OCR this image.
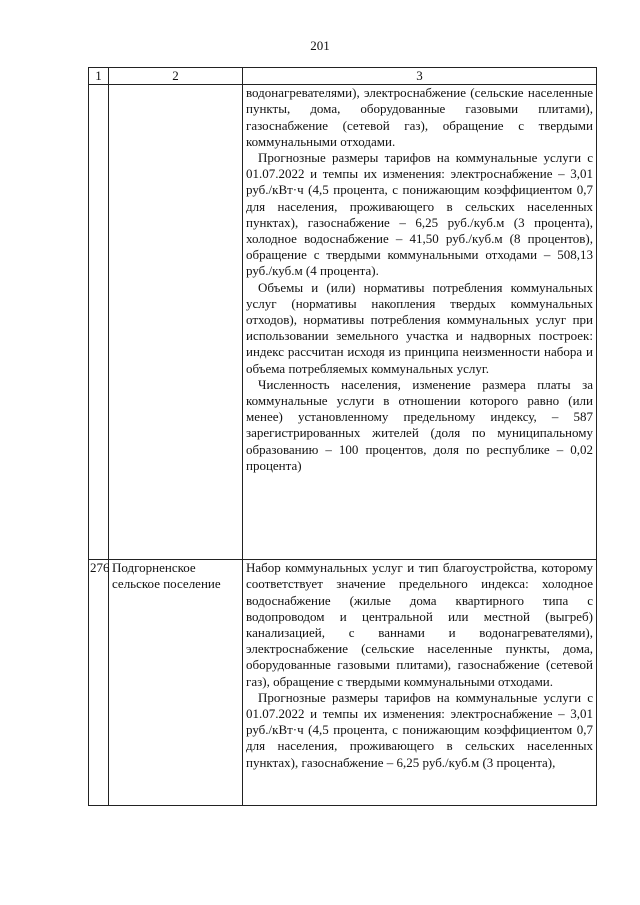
201
1	2	3

		водонагревателями), электроснабжение (сельские населенные пункты, дома, оборудованные газовыми плитами), газоснабжение (сетевой газ), обращение с твердыми коммунальными отходами.
Прогнозные размеры тарифов на коммунальные услуги с 01.07.2022 и темпы их изменения: электроснабжение – 3,01 руб./кВт·ч (4,5 процента, с понижающим коэффициентом 0,7 для населения, проживающего в сельских населенных пунктах), газоснабжение – 6,25 руб./куб.м (3 процента), холодное водоснабжение – 41,50 руб./куб.м (8 процентов), обращение с твердыми коммунальными отходами – 508,13 руб./куб.м (4 процента).
Объемы и (или) нормативы потребления коммунальных услуг (нормативы накопления твердых коммунальных отходов), нормативы потребления коммунальных услуг при использовании земельного участка и надворных построек: индекс рассчитан исходя из принципа неизменности набора и объема потребляемых коммунальных услуг.
Численность населения, изменение размера платы за коммунальные услуги в отношении которого равно (или менее) установленному предельному индексу, – 587 зарегистрированных жителей (доля по муниципальному образованию – 100 процентов, доля по республике – 0,02 процента)

276	Подгорненское сельское поселение	Набор коммунальных услуг и тип благоустройства, которому соответствует значение предельного индекса: холодное водоснабжение (жилые дома квартирного типа с водопроводом и центральной или местной (выгреб) канализацией, с ваннами и водонагревателями), электроснабжение (сельские населенные пункты, дома, оборудованные газовыми плитами), газоснабжение (сетевой газ), обращение с твердыми коммунальными отходами.
Прогнозные размеры тарифов на коммунальные услуги с 01.07.2022 и темпы их изменения: электроснабжение – 3,01 руб./кВт·ч (4,5 процента, с понижающим коэффициентом 0,7 для населения, проживающего в сельских населенных пунктах), газоснабжение – 6,25 руб./куб.м (3 процента),
